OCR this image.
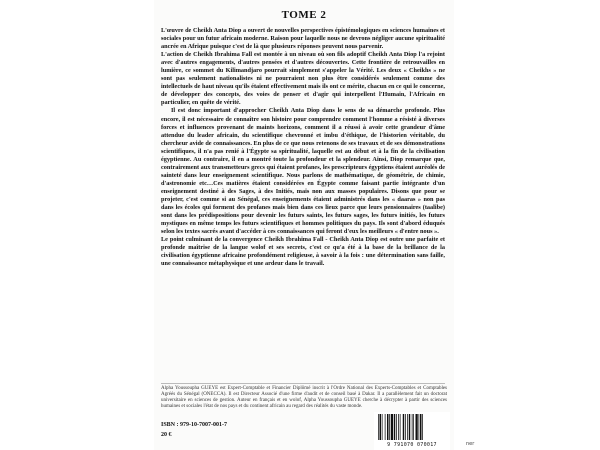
TOME 2

L'œuvre de Cheikh Anta Diop a ouvert de nouvelles perspectives épistémologiques en sciences humaines et sociales pour un futur africain moderne. Raison pour laquelle nous ne devrons négliger aucune spiritualité ancrée en Afrique puisque c'est de là que plusieurs réponses peuvent nous parvenir.

L'action de Cheikh Ibrahima Fall est montée à un niveau où son fils adoptif Cheikh Anta Diop l'a rejoint avec d'autres engagements, d'autres pensées et d'autres découvertes. Cette frontière de retrouvailles en lumière, ce sommet du Kilimandjaro pourrait simplement s'appeler la Vérité. Les deux « Cheikhs » ne sont pas seulement nationalistes ni ne pourraient non plus être considérés seulement comme des intellectuels de haut niveau qu'ils étaient effectivement mais ils ont ce mérite, chacun en ce qui le concerne, de développer des concepts, des voies de penser et d'agir qui interpellent l'Humain, l'Africain en particulier, en quête de vérité.

Il est donc important d'approcher Cheikh Anta Diop dans le sens de sa démarche profonde. Plus encore, il est nécessaire de connaître son histoire pour comprendre comment l'homme a résisté à diverses forces et influences provenant de maints horizons, comment il a réussi à avoir cette grandeur d'âme attendue du leader africain, du scientifique chevronné et imbu d'éthique, de l'historien véritable, du chercheur avide de connaissances. En plus de ce que nous retenons de ses travaux et de ses démonstrations scientifiques, il n'a pas renié à l'Égypte sa spiritualité, laquelle est au début et à la fin de la civilisation égyptienne. Au contraire, il en a montré toute la profondeur et la splendeur. Ainsi, Diop remarque que, contrairement aux transmetteurs grecs qui étaient profanes, les prescripteurs égyptiens étaient auréolés de sainteté dans leur enseignement scientifique. Nous parlons de mathématique, de géométrie, de chimie, d'astronomie etc…Ces matières étaient considérées en Égypte comme faisant partie intégrante d'un enseignement destiné à des Sages, à des Initiés, mais non aux masses populaires. Disons que pour se projeter, c'est comme si au Sénégal, ces enseignements étaient administrés dans les « daaras » non pas dans les écoles qui forment des profanes mais bien dans ces lieux parce que leurs pensionnaires (taalibe) sont dans les prédispositions pour devenir les futurs saints, les futurs sages, les futurs initiés, les futurs mystiques en même temps les futurs scientifiques et hommes politiques du pays. Ils sont d'abord éduqués selon les textes sacrés avant d'accéder à ces connaissances qui feront d'eux les meilleurs « d'entre nous ».

Le point culminant de la convergence Cheikh Ibrahima Fall - Cheikh Anta Diop est outre une parfaite et profonde maîtrise de la langue wolof et ses secrets, c'est ce qu'a été à la base de la brillance de la civilisation égyptienne africaine profondément religieuse, à savoir à la fois : une détermination sans faille, une connaissance métaphysique et une ardeur dans le travail.

Alpha Youssoupha GUEYE est Expert-Comptable et Financier Diplômé inscrit à l'Ordre National des Experts-Comptables et Comptables Agréés du Sénégal (ONECCA). Il est Directeur Associé d'une firme d'audit et de conseil basé à Dakar. Il a parallèlement fait un doctorat universitaire en sciences de gestion. Auteur en français et en wolof, Alpha Youssoupha GUEYE cherche à décrypter à partir des sciences humaines et sociales l'état de nos pays et du continent africain au regard des réalités du vaste monde.
ISBN : 979-10-7007-001-7
20 €
9 791070 070017	ner
